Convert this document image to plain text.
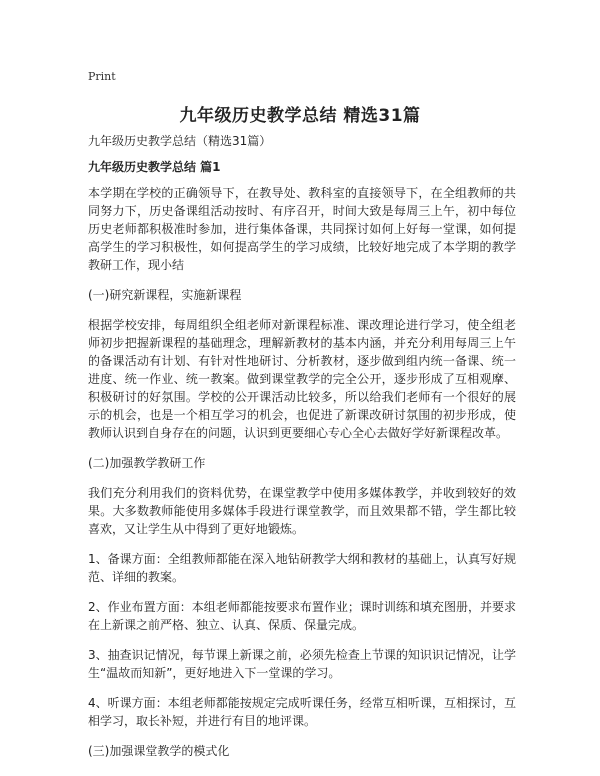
Print
九年级历史教学总结 精选31篇
九年级历史教学总结（精选31篇）
九年级历史教学总结 篇1
本学期在学校的正确领导下，在教导处、教科室的直接领导下，在全组教师的共同努力下，历史备课组活动按时、有序召开，时间大致是每周三上午，初中每位历史老师都积极准时参加，进行集体备课，共同探讨如何上好每一堂课，如何提高学生的学习积极性，如何提高学生的学习成绩，比较好地完成了本学期的教学教研工作，现小结
(一)研究新课程，实施新课程
根据学校安排，每周组织全组老师对新课程标准、课改理论进行学习，使全组老师初步把握新课程的基础理念，理解新教材的基本内涵，并充分利用每周三上午的备课活动有计划、有针对性地研讨、分析教材，逐步做到组内统一备课、统一进度、统一作业、统一教案。做到课堂教学的完全公开，逐步形成了互相观摩、积极研讨的好氛围。学校的公开课活动比较多，所以给我们老师有一个很好的展示的机会，也是一个相互学习的机会，也促进了新课改研讨氛围的初步形成，使教师认识到自身存在的问题，认识到更要细心专心全心去做好学好新课程改革。
(二)加强教学教研工作
我们充分利用我们的资料优势，在课堂教学中使用多媒体教学，并收到较好的效果。大多数教师能使用多媒体手段进行课堂教学，而且效果都不错，学生都比较喜欢，又让学生从中得到了更好地锻炼。
1、备课方面：全组教师都能在深入地钻研教学大纲和教材的基础上，认真写好规范、详细的教案。
2、作业布置方面：本组老师都能按要求布置作业；课时训练和填充图册，并要求在上新课之前严格、独立、认真、保质、保量完成。
3、抽查识记情况，每节课上新课之前，必须先检查上节课的知识识记情况，让学生“温故而知新”，更好地进入下一堂课的学习。
4、听课方面：本组老师都能按规定完成听课任务，经常互相听课，互相探讨，互相学习，取长补短，并进行有目的地评课。
(三)加强课堂教学的模式化
